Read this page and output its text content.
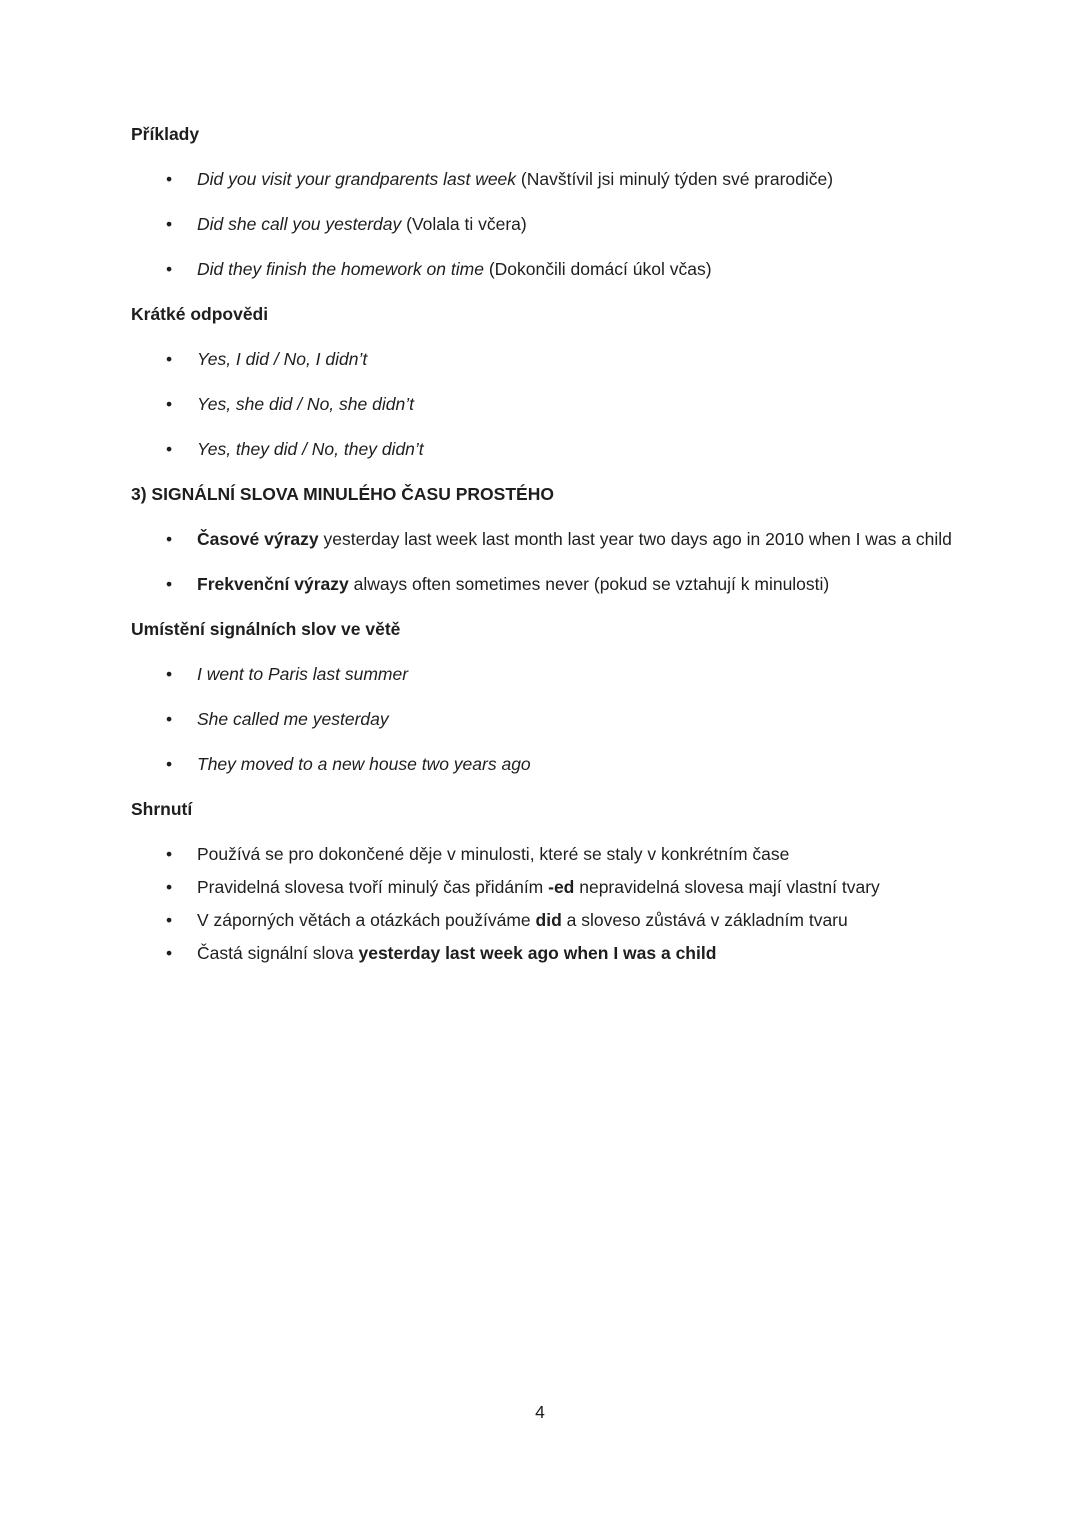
Příklady
•	Did you visit your grandparents last week (Navštívil jsi minulý týden své prarodiče)
•	Did she call you yesterday (Volala ti včera)
•	Did they finish the homework on time (Dokončili domácí úkol včas)
Krátké odpovědi
•	Yes, I did / No, I didn’t
•	Yes, she did / No, she didn’t
•	Yes, they did / No, they didn’t
3) SIGNÁLNÍ SLOVA MINULÉHO ČASU PROSTÉHO
•	Časové výrazy yesterday last week last month last year two days ago in 2010 when I was a child
•	Frekvenční výrazy always often sometimes never (pokud se vztahují k minulosti)
Umístění signálních slov ve větě
•	I went to Paris last summer
•	She called me yesterday
•	They moved to a new house two years ago
Shrnutí
•	Používá se pro dokončené děje v minulosti, které se staly v konkrétním čase
•	Pravidelná slovesa tvoří minulý čas přidáním -ed nepravidelná slovesa mají vlastní tvary
•	V záporných větách a otázkách používáme did a sloveso zůstává v základním tvaru
•	Častá signální slova yesterday last week ago when I was a child
4
